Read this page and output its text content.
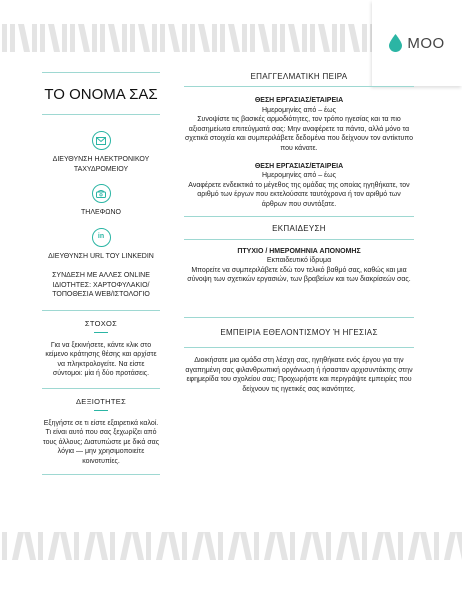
MOO
ΤΟ ΟΝΟΜΑ ΣΑΣ
ΔΙΕΥΘΥΝΣΗ ΗΛΕΚΤΡΟΝΙΚΟΥ ΤΑΧΥΔΡΟΜΕΙΟΥ
ΤΗΛΕΦΩΝΟ
in
ΔΙΕΥΘΥΝΣΗ URL ΤΟΥ LINKEDIN
ΣΥΝΔΕΣΗ ΜΕ ΑΛΛΕΣ ONLINE ΙΔΙΟΤΗΤΕΣ: ΧΑΡΤΟΦΥΛΑΚΙΟ/ΤΟΠΟΘΕΣΙΑ WEB/ΙΣΤΟΛΟΓΙΟ
ΣΤΟΧΟΣ
Για να ξεκινήσετε, κάντε κλικ στο κείμενο κράτησης θέσης και αρχίστε να πληκτρολογείτε. Να είστε σύντομοι: μία ή δύο προτάσεις.
ΔΕΞΙΟΤΗΤΕΣ
Εξηγήστε σε τι είστε εξαιρετικά καλοί. Τι είναι αυτό που σας ξεχωρίζει από τους άλλους; Διατυπώστε με δικά σας λόγια — μην χρησιμοποιείτε κοινοτυπίες.
ΕΠΑΓΓΕΛΜΑΤΙΚΗ ΠΕΙΡΑ
ΘΕΣΗ ΕΡΓΑΣΙΑΣ/ΕΤΑΙΡΕΙΑ
Ημερομηνίες από – έως
Συνοψίστε τις βασικές αρμοδιότητες, τον τρόπο ηγεσίας και τα πιο αξιοσημείωτα επιτεύγματά σας: Μην αναφέρετε τα πάντα, αλλά μόνο τα σχετικά στοιχεία και συμπεριλάβετε δεδομένα που δείχνουν τον αντίκτυπο που κάνατε.
ΘΕΣΗ ΕΡΓΑΣΙΑΣ/ΕΤΑΙΡΕΙΑ
Ημερομηνίες από – έως
Αναφέρετε ενδεικτικά το μέγεθος της ομάδας της οποίας ηγηθήκατε, τον αριθμό των έργων που εκτελούσατε ταυτόχρονα ή τον αριθμό των άρθρων που συντάξατε.
ΕΚΠΑΙΔΕΥΣΗ
ΠΤΥΧΙΟ / ΗΜΕΡΟΜΗΝΙΑ ΑΠΟΝΟΜΗΣ
Εκπαιδευτικό ίδρυμα
Μπορείτε να συμπεριλάβετε εδώ τον τελικό βαθμό σας, καθώς και μια σύνοψη των σχετικών εργασιών, των βραβείων και των διακρίσεών σας.
ΕΜΠΕΙΡΙΑ ΕΘΕΛΟΝΤΙΣΜΟΥ Ή ΗΓΕΣΙΑΣ
Διοικήσατε μια ομάδα στη λέσχη σας, ηγηθήκατε ενός έργου για την αγαπημένη σας φιλανθρωπική οργάνωση ή ήσασταν αρχισυντάκτης στην εφημερίδα του σχολείου σας; Προχωρήστε και περιγράψτε εμπειρίες που δείχνουν τις ηγετικές σας ικανότητες.
